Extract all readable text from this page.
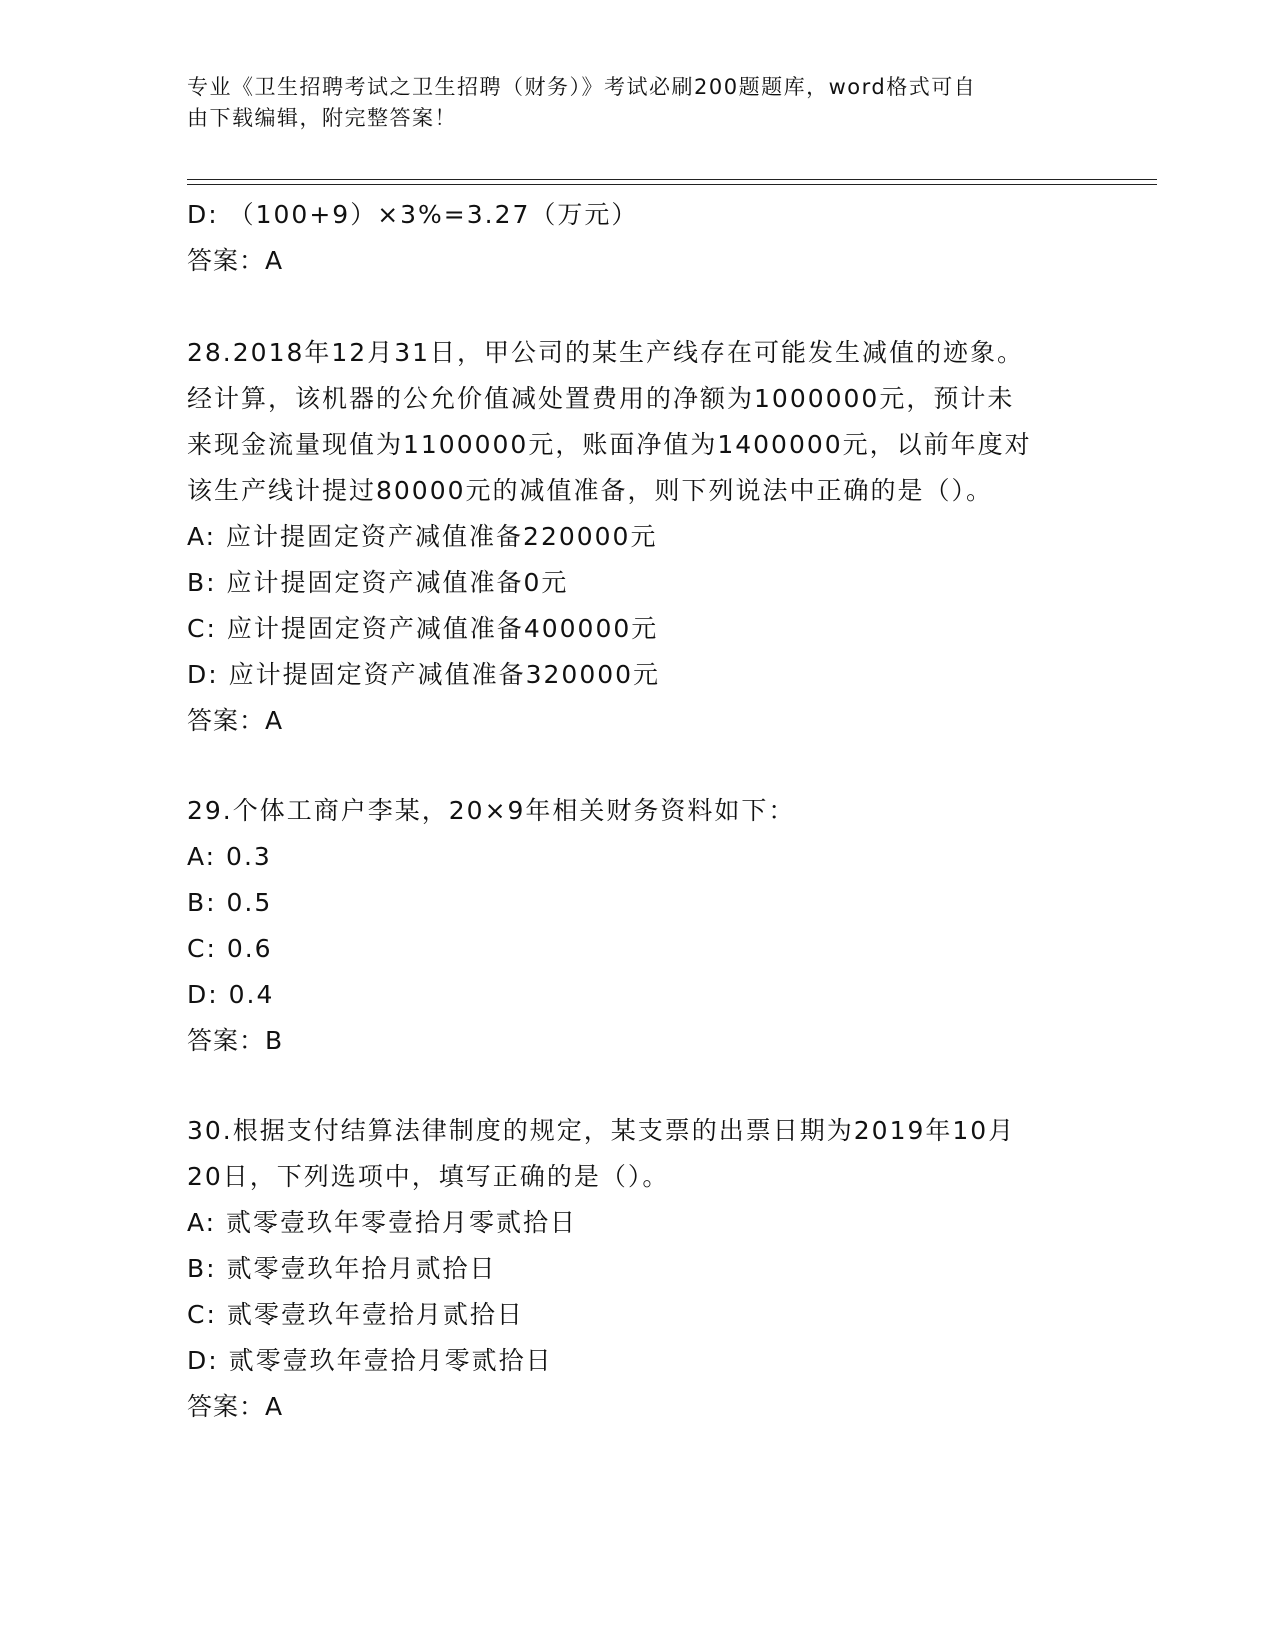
专业《卫生招聘考试之卫生招聘（财务）》考试必刷200题题库，word格式可自
由下载编辑，附完整答案！
D: （100+9）×3%=3.27（万元）
答案：A
28.2018年12月31日，甲公司的某生产线存在可能发生减值的迹象。
经计算，该机器的公允价值减处置费用的净额为1000000元，预计未
来现金流量现值为1100000元，账面净值为1400000元，以前年度对
该生产线计提过80000元的减值准备，则下列说法中正确的是（）。
A: 应计提固定资产减值准备220000元
B: 应计提固定资产减值准备0元
C: 应计提固定资产减值准备400000元
D: 应计提固定资产减值准备320000元
答案：A
29.个体工商户李某，20×9年相关财务资料如下：
A: 0.3
B: 0.5
C: 0.6
D: 0.4
答案：B
30.根据支付结算法律制度的规定，某支票的出票日期为2019年10月
20日，下列选项中，填写正确的是（）。
A: 贰零壹玖年零壹拾月零贰拾日
B: 贰零壹玖年拾月贰拾日
C: 贰零壹玖年壹拾月贰拾日
D: 贰零壹玖年壹拾月零贰拾日
答案：A
